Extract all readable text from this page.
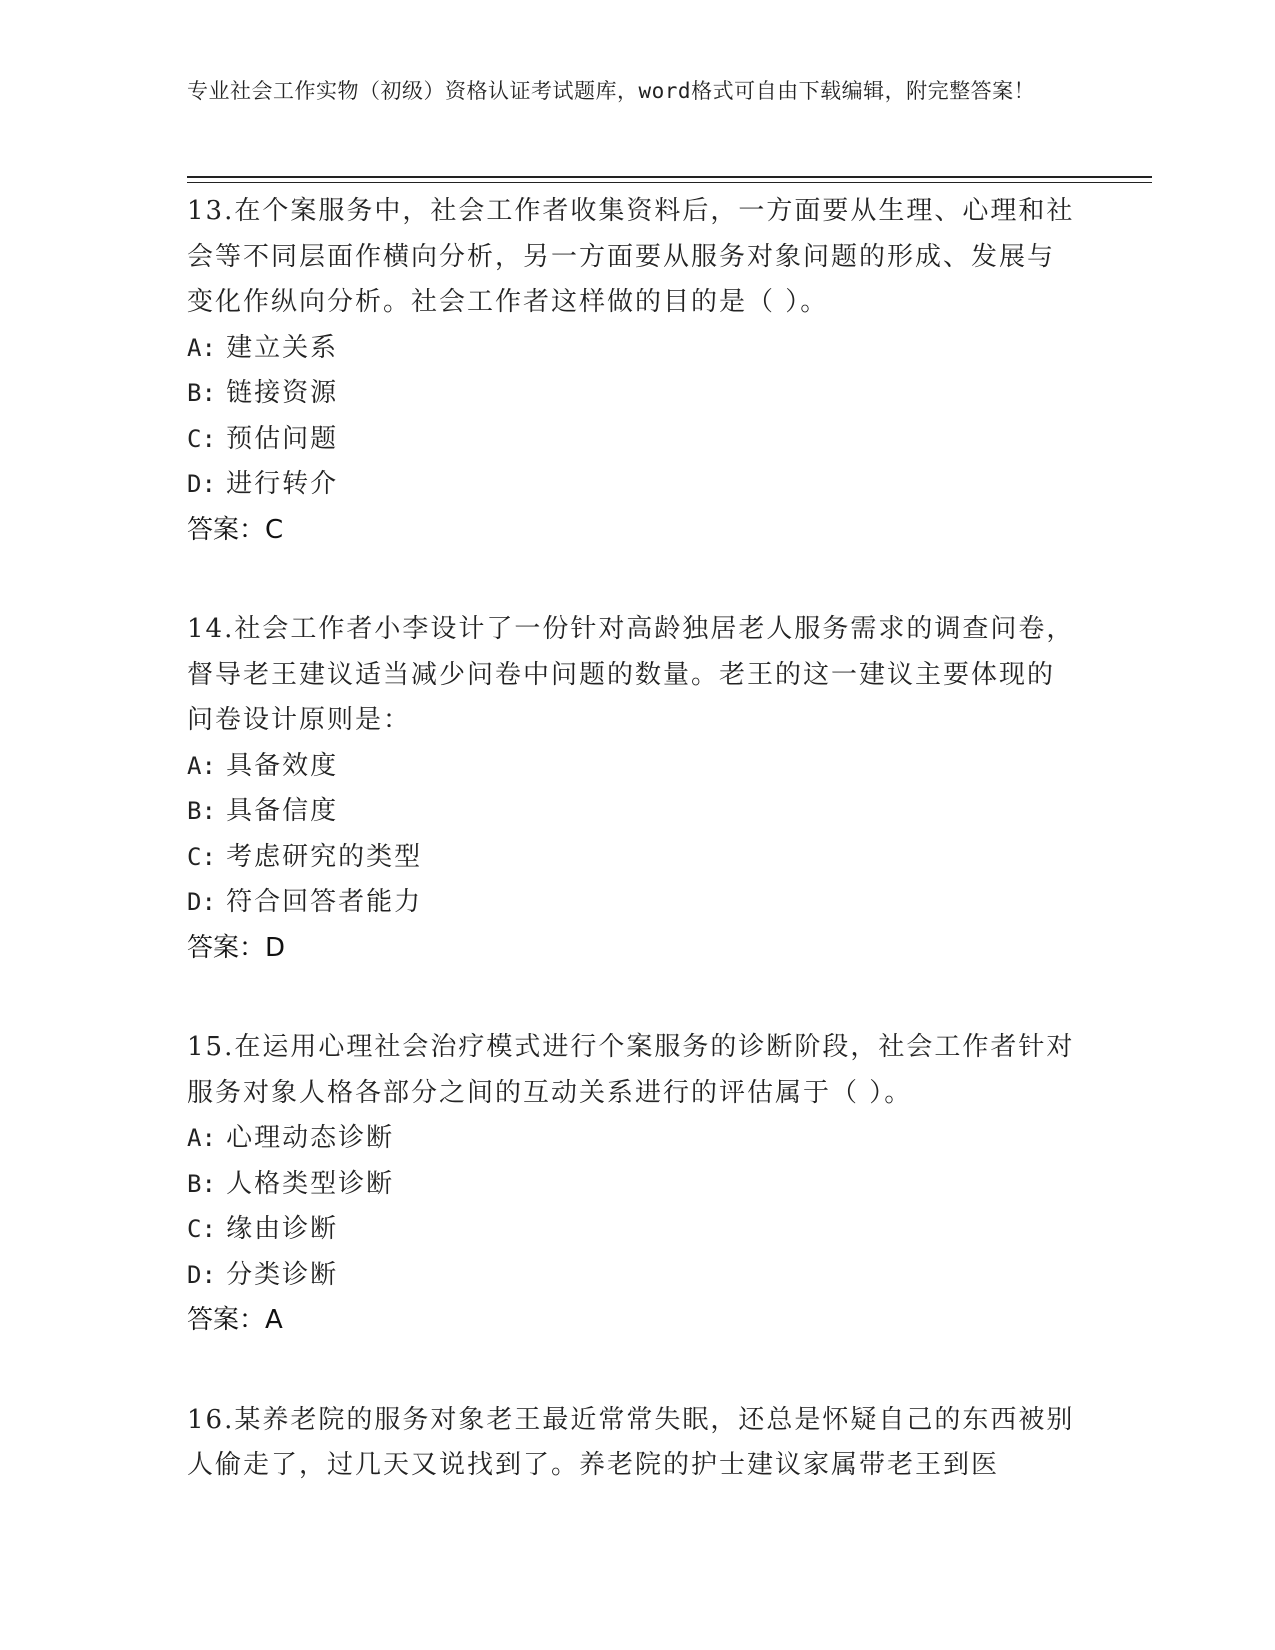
专业社会工作实物（初级）资格认证考试题库，word格式可自由下载编辑，附完整答案！

13.在个案服务中，社会工作者收集资料后，一方面要从生理、心理和社会等不同层面作横向分析，另一方面要从服务对象问题的形成、发展与变化作纵向分析。社会工作者这样做的目的是（ ）。

A: 建立关系

B: 链接资源

C: 预估问题

D: 进行转介

答案：C

14.社会工作者小李设计了一份针对高龄独居老人服务需求的调查问卷，督导老王建议适当减少问卷中问题的数量。老王的这一建议主要体现的问卷设计原则是：

A: 具备效度

B: 具备信度

C: 考虑研究的类型

D: 符合回答者能力

答案：D

15.在运用心理社会治疗模式进行个案服务的诊断阶段，社会工作者针对服务对象人格各部分之间的互动关系进行的评估属于（ ）。

A: 心理动态诊断

B: 人格类型诊断

C: 缘由诊断

D: 分类诊断

答案：A

16.某养老院的服务对象老王最近常常失眠，还总是怀疑自己的东西被别人偷走了，过几天又说找到了。养老院的护士建议家属带老王到医
